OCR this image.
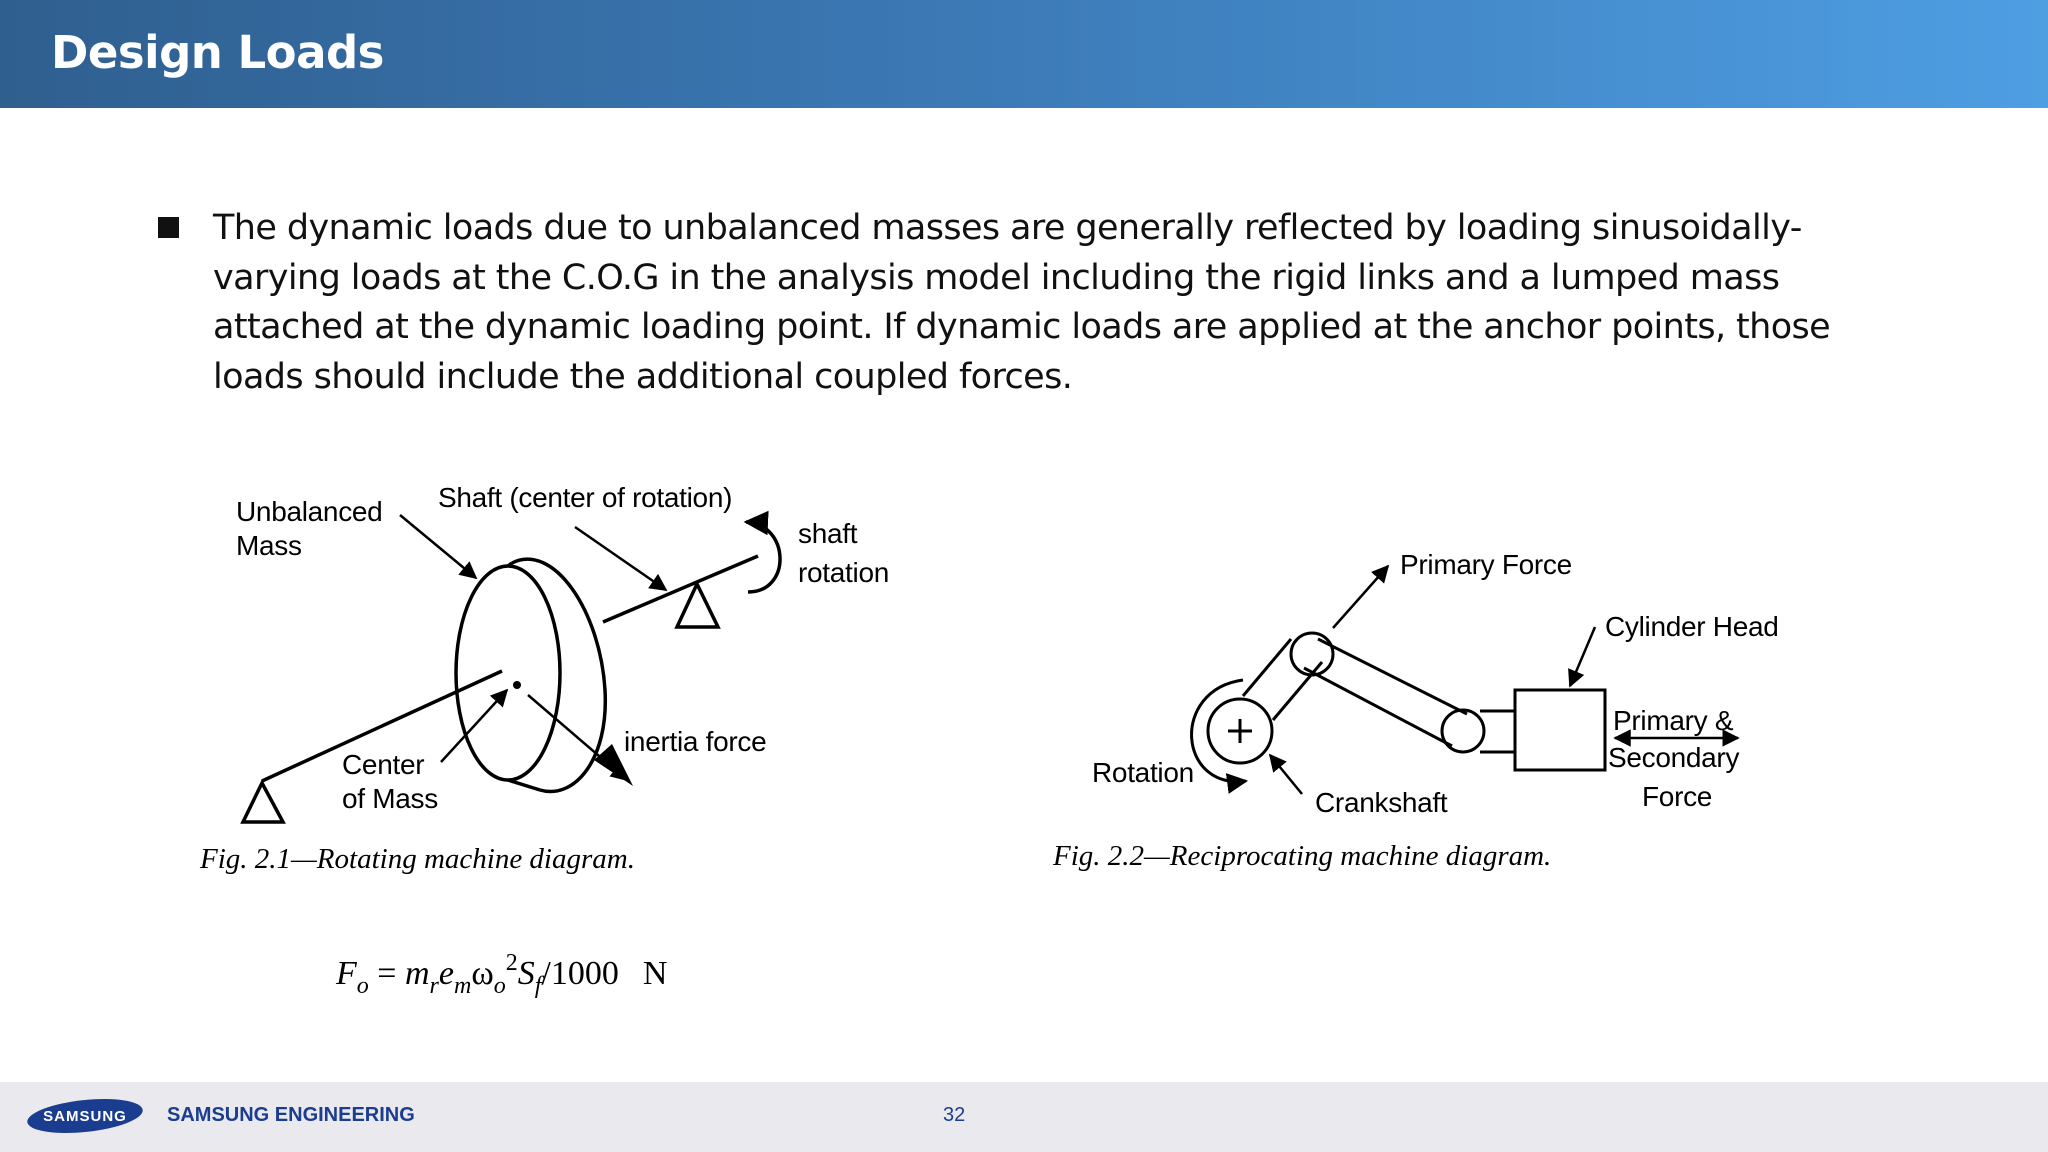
Design Loads
The dynamic loads due to unbalanced masses are generally reflected by loading sinusoidally-varying loads at the C.O.G in the analysis model including the rigid links and a lumped mass attached at the dynamic loading point. If dynamic loads are applied at the anchor points, those loads should include the additional coupled forces.
Unbalanced
Mass
Shaft (center of rotation)
shaft
rotation
Center
of Mass
inertia force
Fig. 2.1—Rotating machine diagram.
Primary Force
Cylinder Head
Primary &
Secondary
Force
Rotation
Crankshaft
Fig. 2.2—Reciprocating machine diagram.
$F_o = m_re_m\omega_o^2S_f/1000$ N
SAMSUNG SAMSUNG ENGINEERING	32
